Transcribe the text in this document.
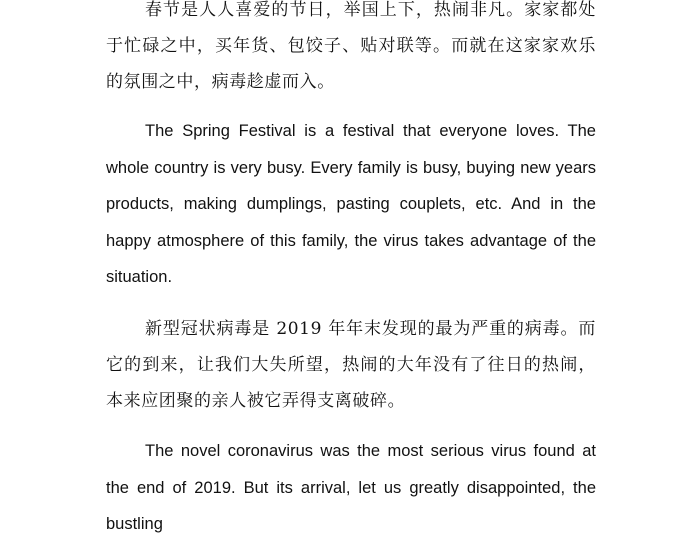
春节是人人喜爱的节日，举国上下，热闹非凡。家家都处于忙碌之中，买年货、包饺子、贴对联等。而就在这家家欢乐的氛围之中，病毒趁虚而入。

The Spring Festival is a festival that everyone loves. The whole country is very busy. Every family is busy, buying new years products, making dumplings, pasting couplets, etc. And in the happy atmosphere of this family, the virus takes advantage of the situation.

新型冠状病毒是 2019 年年末发现的最为严重的病毒。而它的到来，让我们大失所望，热闹的大年没有了往日的热闹，本来应团聚的亲人被它弄得支离破碎。

The novel coronavirus was the most serious virus found at the end of 2019. But its arrival, let us greatly disappointed, the bustling
